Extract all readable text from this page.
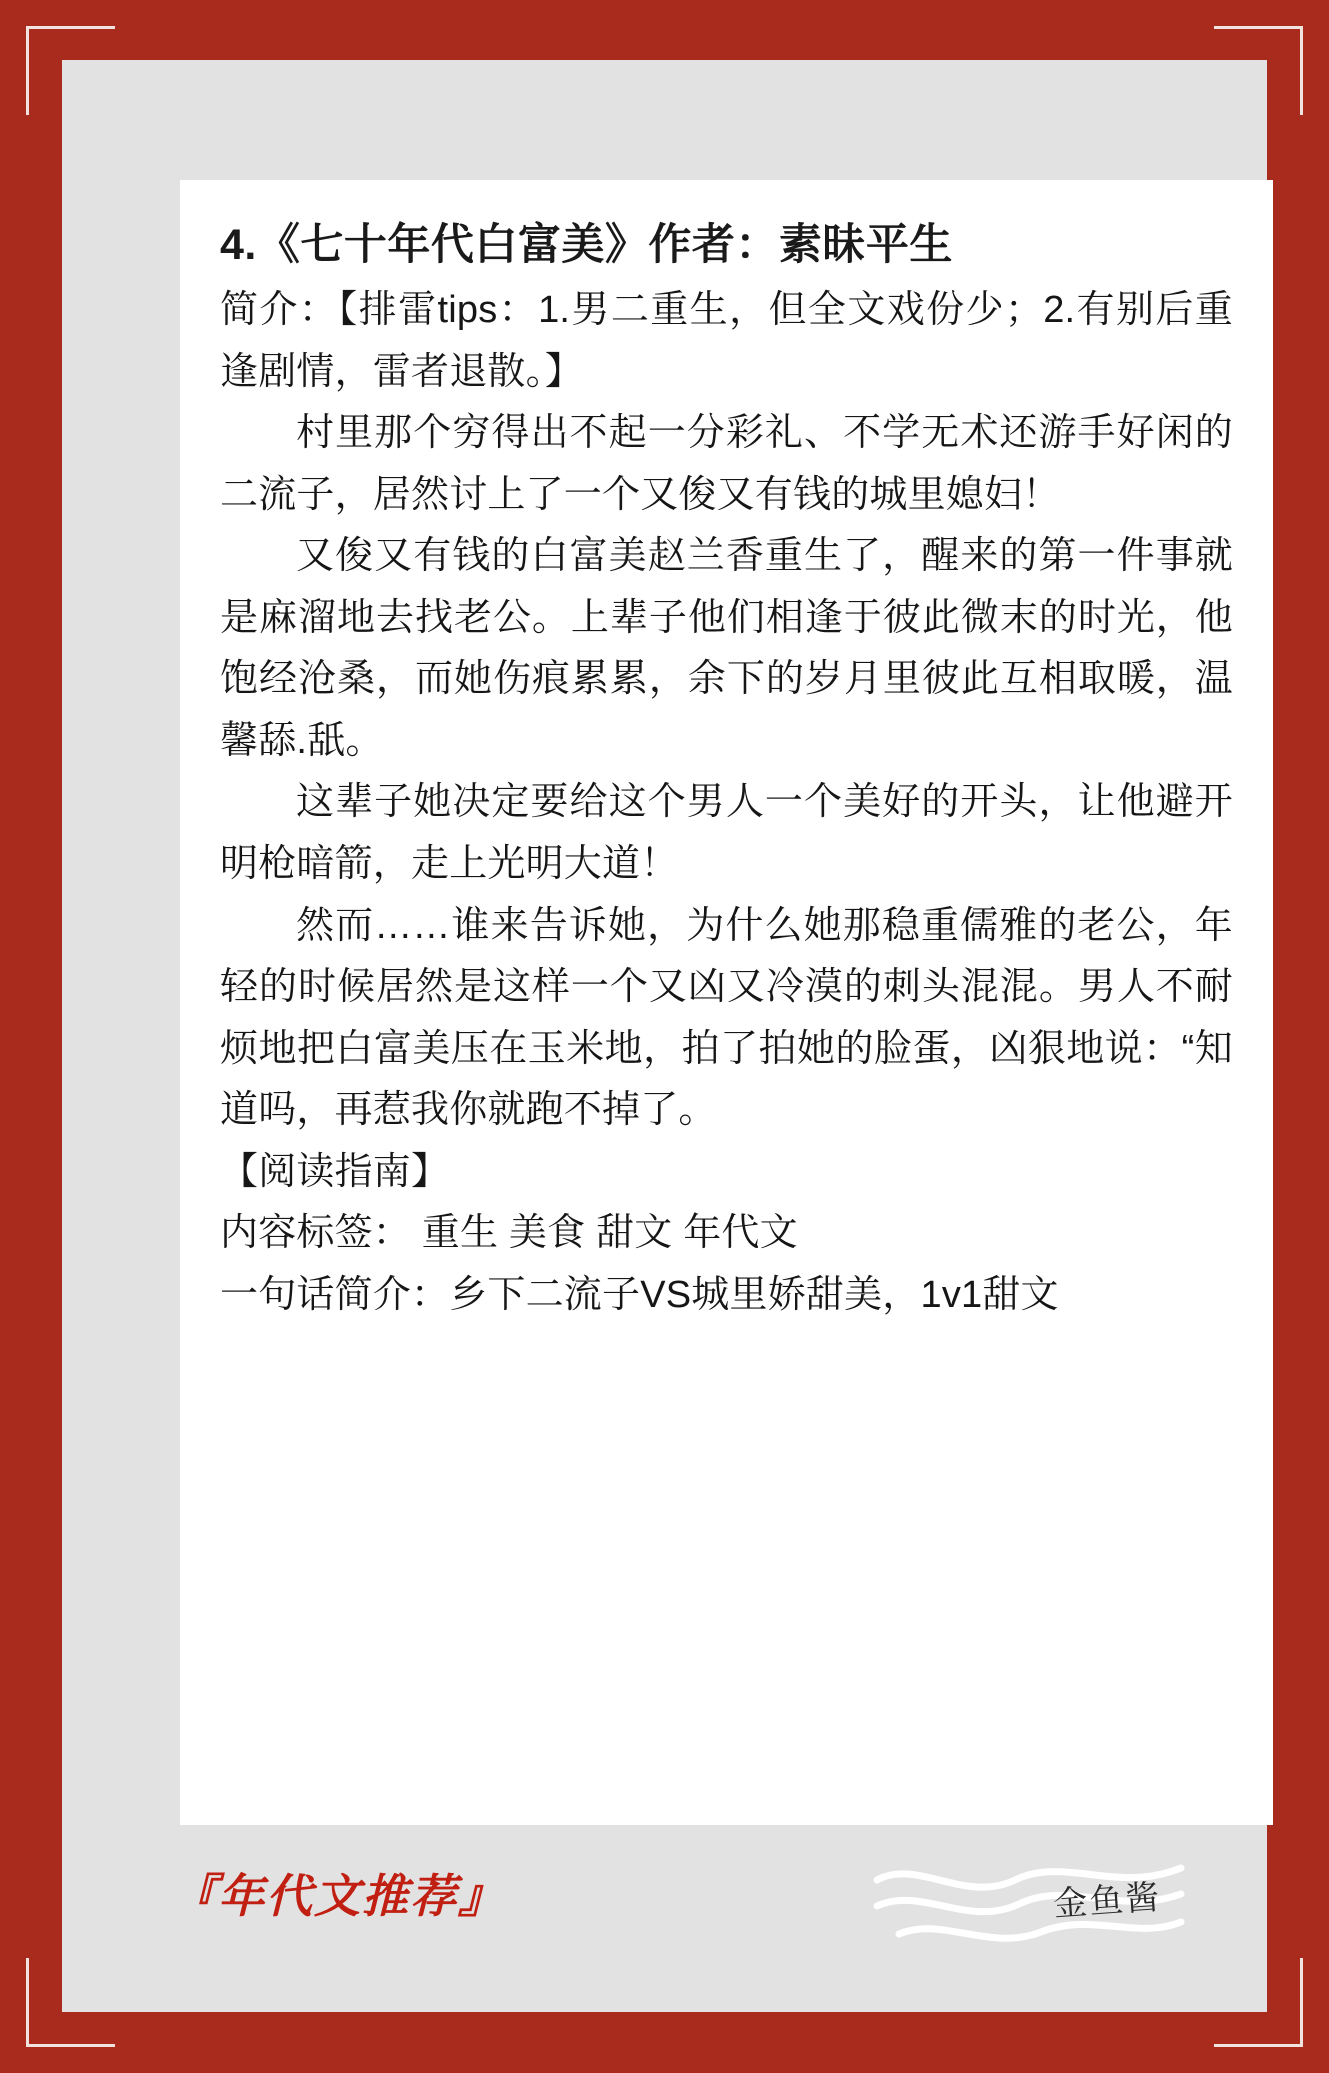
4.《七十年代白富美》作者：素昧平生

简介：【排雷tips：1.男二重生，但全文戏份少；2.有别后重逢剧情，雷者退散。】

村里那个穷得出不起一分彩礼、不学无术还游手好闲的二流子，居然讨上了一个又俊又有钱的城里媳妇！

又俊又有钱的白富美赵兰香重生了，醒来的第一件事就是麻溜地去找老公。上辈子他们相逢于彼此微末的时光，他饱经沧桑，而她伤痕累累，余下的岁月里彼此互相取暖，温馨舔.舐。

这辈子她决定要给这个男人一个美好的开头，让他避开明枪暗箭，走上光明大道！

然而……谁来告诉她，为什么她那稳重儒雅的老公，年轻的时候居然是这样一个又凶又冷漠的刺头混混。男人不耐烦地把白富美压在玉米地，拍了拍她的脸蛋，凶狠地说：“知道吗，再惹我你就跑不掉了。

【阅读指南】

内容标签： 重生 美食 甜文 年代文

一句话简介：乡下二流子VS城里娇甜美，1v1甜文

『年代文推荐』	金鱼酱
